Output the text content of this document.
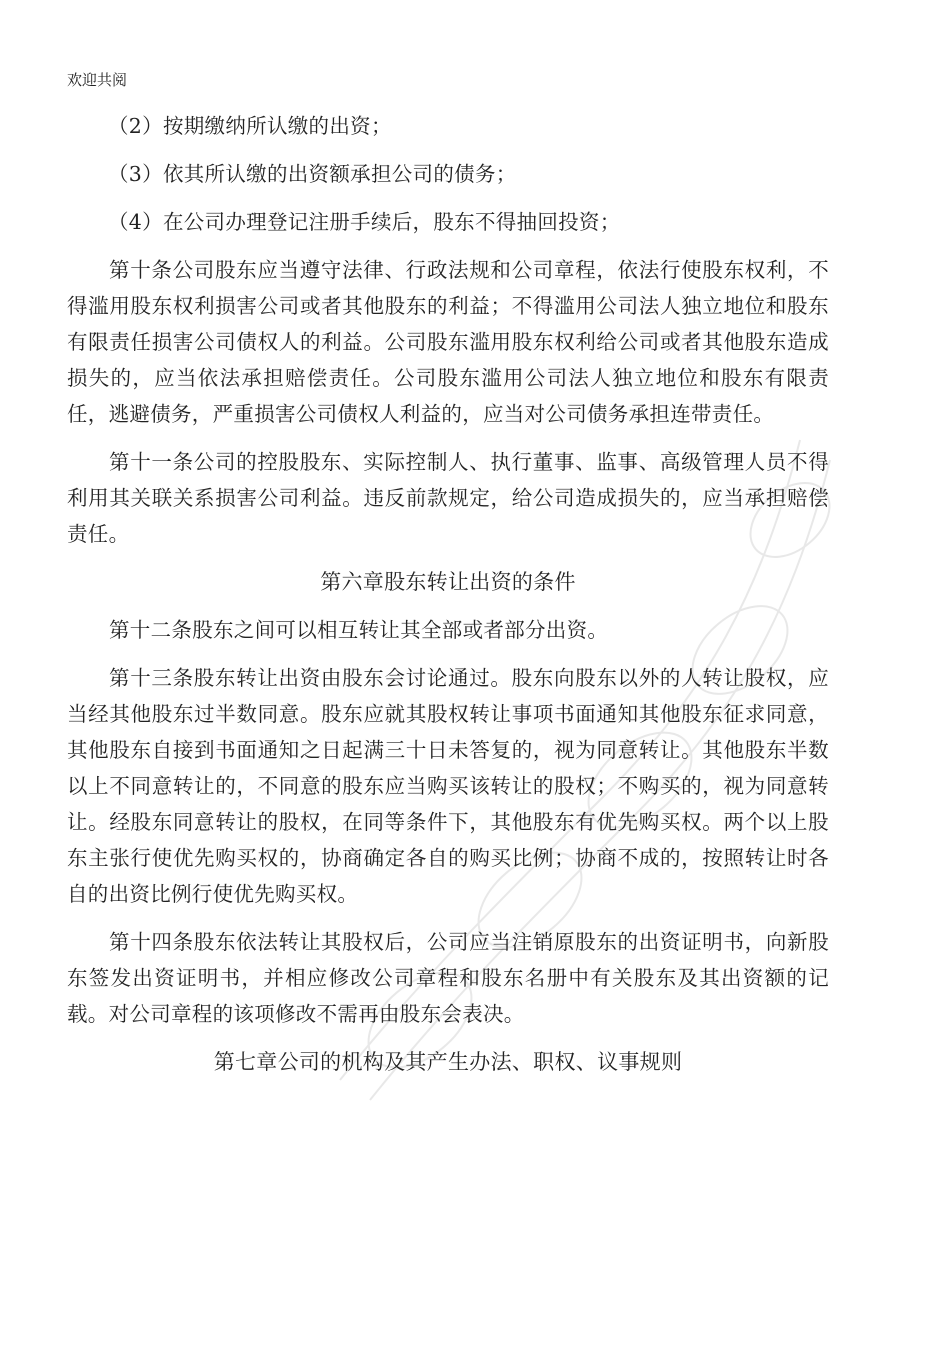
欢迎共阅

（2）按期缴纳所认缴的出资；

（3）依其所认缴的出资额承担公司的债务；

（4）在公司办理登记注册手续后，股东不得抽回投资；

第十条公司股东应当遵守法律、行政法规和公司章程，依法行使股东权利，不得滥用股东权利损害公司或者其他股东的利益；不得滥用公司法人独立地位和股东有限责任损害公司债权人的利益。公司股东滥用股东权利给公司或者其他股东造成损失的，应当依法承担赔偿责任。公司股东滥用公司法人独立地位和股东有限责任，逃避债务，严重损害公司债权人利益的，应当对公司债务承担连带责任。

第十一条公司的控股股东、实际控制人、执行董事、监事、高级管理人员不得利用其关联关系损害公司利益。违反前款规定，给公司造成损失的，应当承担赔偿责任。

第六章股东转让出资的条件

第十二条股东之间可以相互转让其全部或者部分出资。

第十三条股东转让出资由股东会讨论通过。股东向股东以外的人转让股权，应当经其他股东过半数同意。股东应就其股权转让事项书面通知其他股东征求同意，其他股东自接到书面通知之日起满三十日未答复的，视为同意转让。其他股东半数以上不同意转让的，不同意的股东应当购买该转让的股权；不购买的，视为同意转让。经股东同意转让的股权，在同等条件下，其他股东有优先购买权。两个以上股东主张行使优先购买权的，协商确定各自的购买比例；协商不成的，按照转让时各自的出资比例行使优先购买权。

第十四条股东依法转让其股权后，公司应当注销原股东的出资证明书，向新股东签发出资证明书，并相应修改公司章程和股东名册中有关股东及其出资额的记载。对公司章程的该项修改不需再由股东会表决。

第七章公司的机构及其产生办法、职权、议事规则
